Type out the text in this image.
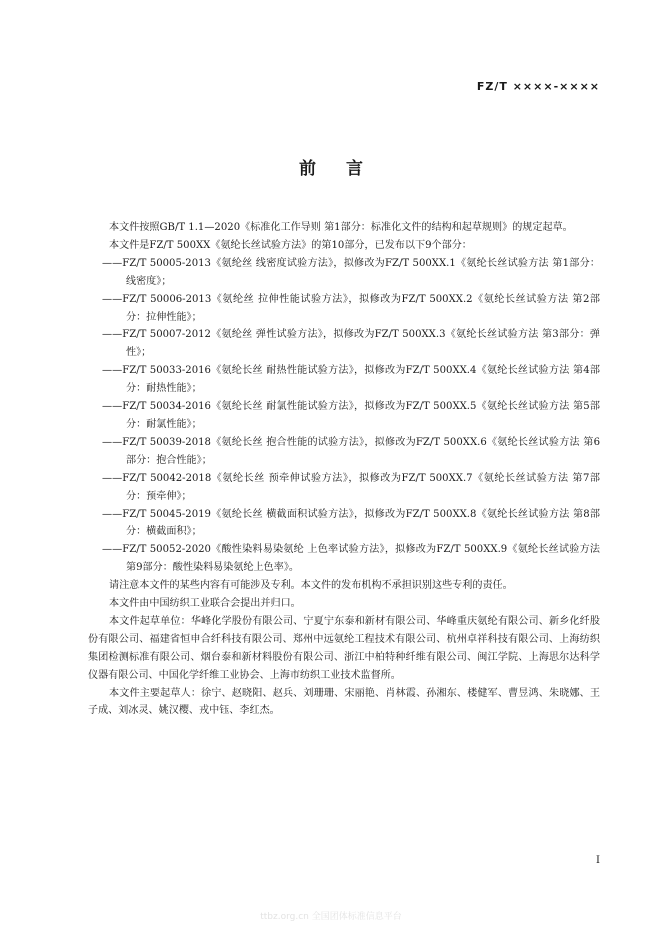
FZ/T ××××-××××
前言

本文件按照GB/T 1.1—2020《标准化工作导则 第1部分：标准化文件的结构和起草规则》的规定起草。

本文件是FZ/T 500XX《氨纶长丝试验方法》的第10部分，已发布以下9个部分：

——FZ/T 50005-2013《氨纶丝 线密度试验方法》，拟修改为FZ/T 500XX.1《氨纶长丝试验方法 第1部分：线密度》；

——FZ/T 50006-2013《氨纶丝 拉伸性能试验方法》，拟修改为FZ/T 500XX.2《氨纶长丝试验方法 第2部分：拉伸性能》；

——FZ/T 50007-2012《氨纶丝 弹性试验方法》，拟修改为FZ/T 500XX.3《氨纶长丝试验方法 第3部分：弹性》；

——FZ/T 50033-2016《氨纶长丝 耐热性能试验方法》，拟修改为FZ/T 500XX.4《氨纶长丝试验方法 第4部分：耐热性能》；

——FZ/T 50034-2016《氨纶长丝 耐氯性能试验方法》，拟修改为FZ/T 500XX.5《氨纶长丝试验方法 第5部分：耐氯性能》；

——FZ/T 50039-2018《氨纶长丝 抱合性能的试验方法》，拟修改为FZ/T 500XX.6《氨纶长丝试验方法 第6部分：抱合性能》；

——FZ/T 50042-2018《氨纶长丝 预牵伸试验方法》，拟修改为FZ/T 500XX.7《氨纶长丝试验方法 第7部分：预牵伸》；

——FZ/T 50045-2019《氨纶长丝 横截面积试验方法》，拟修改为FZ/T 500XX.8《氨纶长丝试验方法 第8部分：横截面积》；

——FZ/T 50052-2020《酸性染料易染氨纶 上色率试验方法》，拟修改为FZ/T 500XX.9《氨纶长丝试验方法 第9部分：酸性染料易染氨纶上色率》。

请注意本文件的某些内容有可能涉及专利。本文件的发布机构不承担识别这些专利的责任。

本文件由中国纺织工业联合会提出并归口。

本文件起草单位：华峰化学股份有限公司、宁夏宁东泰和新材有限公司、华峰重庆氨纶有限公司、新乡化纤股份有限公司、福建省恒申合纤科技有限公司、郑州中远氨纶工程技术有限公司、杭州卓祥科技有限公司、上海纺织集团检测标准有限公司、烟台泰和新材料股份有限公司、浙江中柏特种纤维有限公司、闽江学院、上海思尔达科学仪器有限公司、中国化学纤维工业协会、上海市纺织工业技术监督所。

本文件主要起草人：徐宁、赵晓阳、赵兵、刘珊珊、宋丽艳、肖林霞、孙湘东、楼健军、曹昱鸿、朱晓娜、王子成、刘冰灵、姚汉樱、戎中钰、李红杰。

I
ttbz.org.cn 全国团体标准信息平台
